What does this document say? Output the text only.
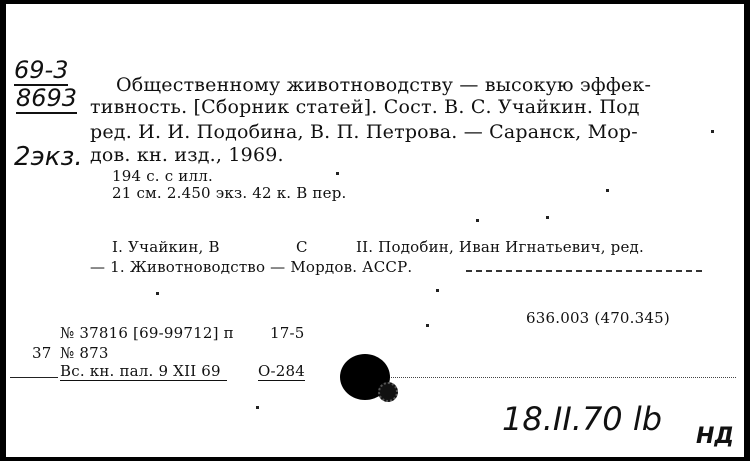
69-3
8693
2экз.
Общественному животноводству — высокую эффек-
тивность. [Сборник статей]. Сост. В. С. Учайкин. Под
ред. И. И. Подобина, В. П. Петрова. — Саранск, Мор-
дов. кн. изд., 1969.
194 с. с илл.
21 см. 2.450 экз. 42 к. В пер.
I. Учайкин, В	С	II. Подобин, Иван Игнатьевич, ред.
— 1. Животноводство — Мордов. АССР.
636.003 (470.345)
№ 37816 [69-99712] п 17-5
37 № 873
Вс. кн. пал. 9 XII 69	О-284
18.II.70 lb НД
